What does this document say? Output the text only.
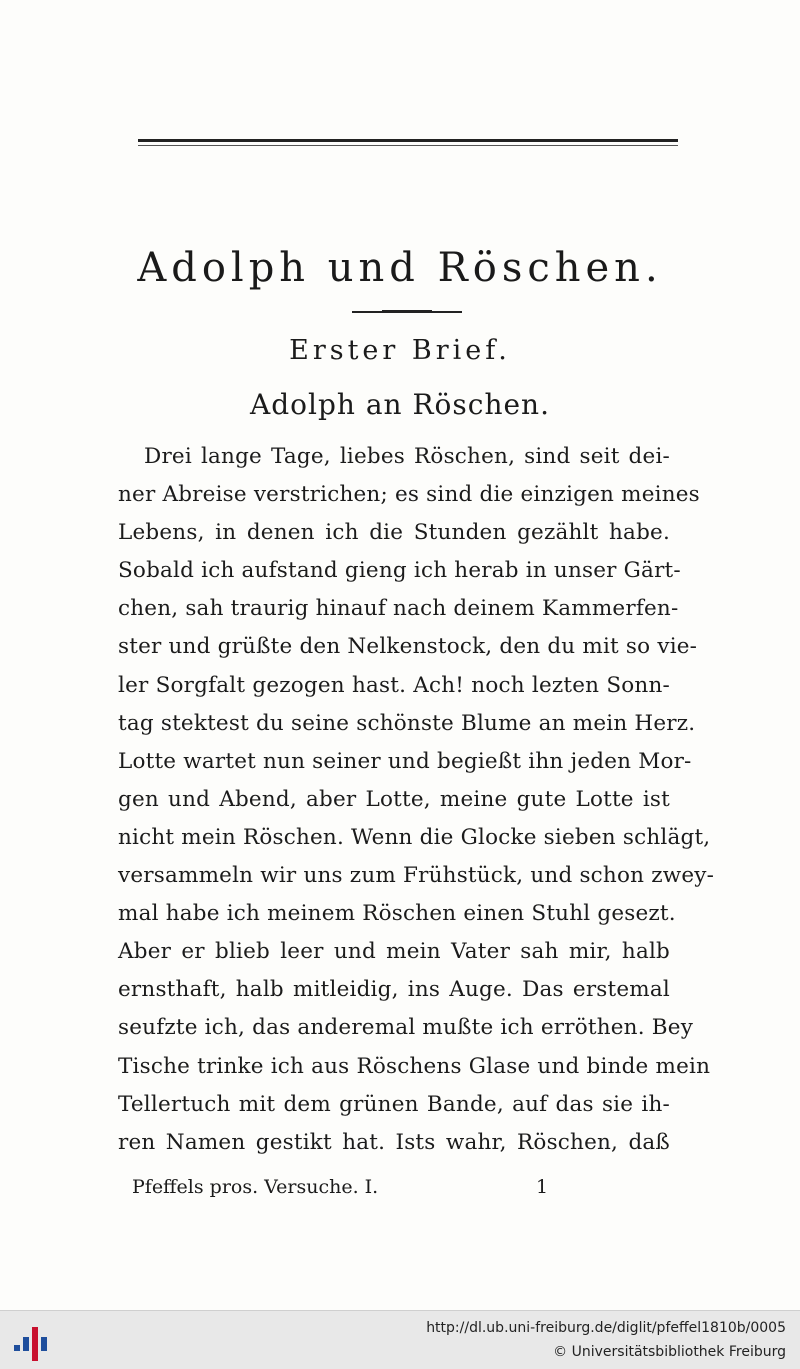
Adolph und Röschen.
Erster Brief.
Adolph an Röschen.
Drei lange Tage, liebes Röschen, sind seit dei-
ner Abreise verstrichen; es sind die einzigen meines
Lebens, in denen ich die Stunden gezählt habe.
Sobald ich aufstand gieng ich herab in unser Gärt-
chen, sah traurig hinauf nach deinem Kammerfen-
ster und grüßte den Nelkenstock, den du mit so vie-
ler Sorgfalt gezogen hast. Ach! noch lezten Sonn-
tag stektest du seine schönste Blume an mein Herz.
Lotte wartet nun seiner und begießt ihn jeden Mor-
gen und Abend, aber Lotte, meine gute Lotte ist
nicht mein Röschen. Wenn die Glocke sieben schlägt,
versammeln wir uns zum Frühstück, und schon zwey-
mal habe ich meinem Röschen einen Stuhl gesezt.
Aber er blieb leer und mein Vater sah mir, halb
ernsthaft, halb mitleidig, ins Auge. Das erstemal
seufzte ich, das anderemal mußte ich erröthen. Bey
Tische trinke ich aus Röschens Glase und binde mein
Tellertuch mit dem grünen Bande, auf das sie ih-
ren Namen gestikt hat. Ists wahr, Röschen, daß
Pfeffels pros. Versuche. I.	1
http://dl.ub.uni-freiburg.de/diglit/pfeffel1810b/0005
© Universitätsbibliothek Freiburg
